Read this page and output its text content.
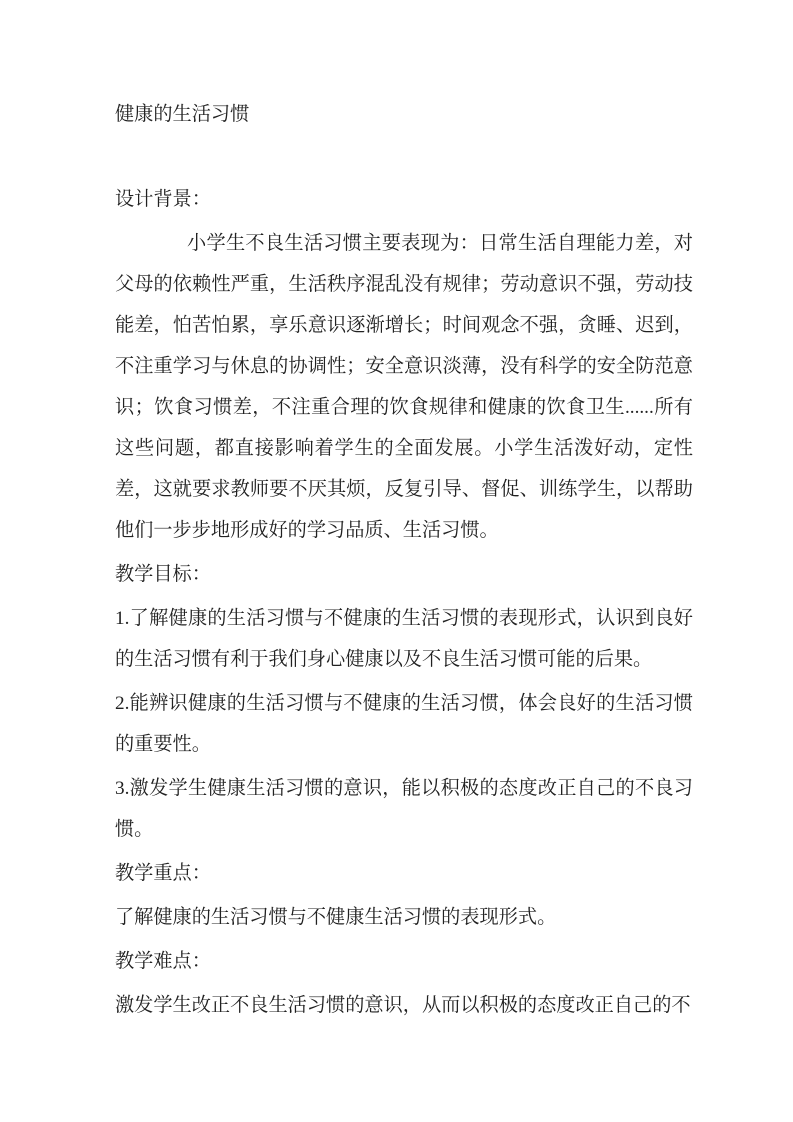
健康的生活习惯

设计背景：

小学生不良生活习惯主要表现为：日常生活自理能力差，对父母的依赖性严重，生活秩序混乱没有规律；劳动意识不强，劳动技能差，怕苦怕累，享乐意识逐渐增长；时间观念不强，贪睡、迟到，不注重学习与休息的协调性；安全意识淡薄，没有科学的安全防范意识；饮食习惯差，不注重合理的饮食规律和健康的饮食卫生......所有这些问题，都直接影响着学生的全面发展。小学生活泼好动，定性差，这就要求教师要不厌其烦，反复引导、督促、训练学生，以帮助他们一步步地形成好的学习品质、生活习惯。

教学目标：

1.了解健康的生活习惯与不健康的生活习惯的表现形式，认识到良好的生活习惯有利于我们身心健康以及不良生活习惯可能的后果。

2.能辨识健康的生活习惯与不健康的生活习惯，体会良好的生活习惯的重要性。

3.激发学生健康生活习惯的意识，能以积极的态度改正自己的不良习惯。

教学重点：

了解健康的生活习惯与不健康生活习惯的表现形式。

教学难点：

激发学生改正不良生活习惯的意识，从而以积极的态度改正自己的不
